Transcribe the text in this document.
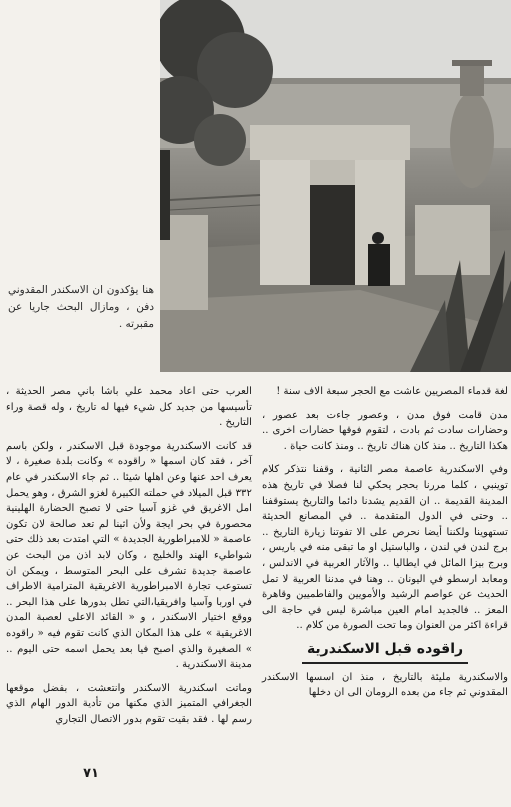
هنا يؤكدون ان الاسكندر المقدوني دفن ، ومازال البحث جاريا عن مقبرته .

لغة قدماء المصريين عاشت مع الحجر سبعة الاف سنة !

مدن قامت فوق مدن ، وعصور جاءت بعد عصور ، وحضارات سادت ثم بادت ، لتقوم فوقها حضارات اخرى .. هكذا التاريخ .. منذ كان هناك تاريخ .. ومنذ كانت حياة .

وفي الاسكندرية عاصمة مصر الثانية ، وقفنا نتذكر كلام توينبي ، كلما مررنا بحجر يحكي لنا فصلا في تاريخ هذه المدينة القديمة .. ان القديم يشدنا دائما والتاريخ يستوقفنا .. وحتى في الدول المتقدمة .. في المصانع الحديثة تستهوينا ولكننا أيضا نحرص على الا تفوتنا زيارة التاريخ .. برج لندن في لندن ، والباستيل او ما تبقى منه في باريس ، وبرج بيزا المائل في ايطاليا .. والآثار العربية في الاندلس ، ومعابد ارسطو في اليونان .. وهنا في مدننا العربية لا تمل الحديث عن عواصم الرشيد والأمويين والفاطميين وقاهرة المعز .. فالجديد امام العين مباشرة ليس في حاجة الى قراءة اكثر من العنوان وما تحت الصورة من كلام ..

راقوده قبل الاسكندرية

والاسكندرية مليئة بالتاريخ ، منذ ان اسسها الاسكندر المقدوني ثم جاء من بعده الرومان الى ان دخلها

العرب حتى اعاد محمد علي باشا باني مصر الحديثة ، تأسيسها من جديد كل شيء فيها له تاريخ ، وله قصة وراء التاريخ .

قد كانت الاسكندرية موجودة قبل الاسكندر ، ولكن باسم آخر ، فقد كان اسمها « راقوده » وكانت بلدة صغيرة ، لا يعرف احد عنها وعن اهلها شيئا .. ثم جاء الاسكندر في عام ٣٣٢ قبل الميلاد في حملته الكبيرة لغزو الشرق ، وهو يحمل امل الاغريق في غزو آسيا حتى لا تصبح الحضارة الهلينية محصورة في بحر ايجة ولأن اثينا لم تعد صالحة لان تكون عاصمة « للامبراطورية الجديدة » التي امتدت بعد ذلك حتى شواطيء الهند والخليج ، وكان لابد اذن من البحث عن عاصمة جديدة تشرف على البحر المتوسط ، ويمكن ان تستوعب تجارة الامبراطورية الاغريقية المترامية الاطراف في اوربا وآسيا وافريقيا،التي تطل بدورها على هذا البحر .. ووقع اختيار الاسكندر ، و « القائد الاعلى لعصبة المدن الاغريقية » على هذا المكان الذي كانت تقوم فيه « راقوده » الصغيرة والذي اصبح فيا بعد يحمل اسمه حتى اليوم .. مدينة الاسكندرية .

وماتت اسكندرية الاسكندر وانتعشت ، بفضل موقعها الجغرافي المتميز الذي مكنها من تأدية الدور الهام الذي رسم لها . فقد بقيت تقوم بدور الاتصال التجاري

٧١
